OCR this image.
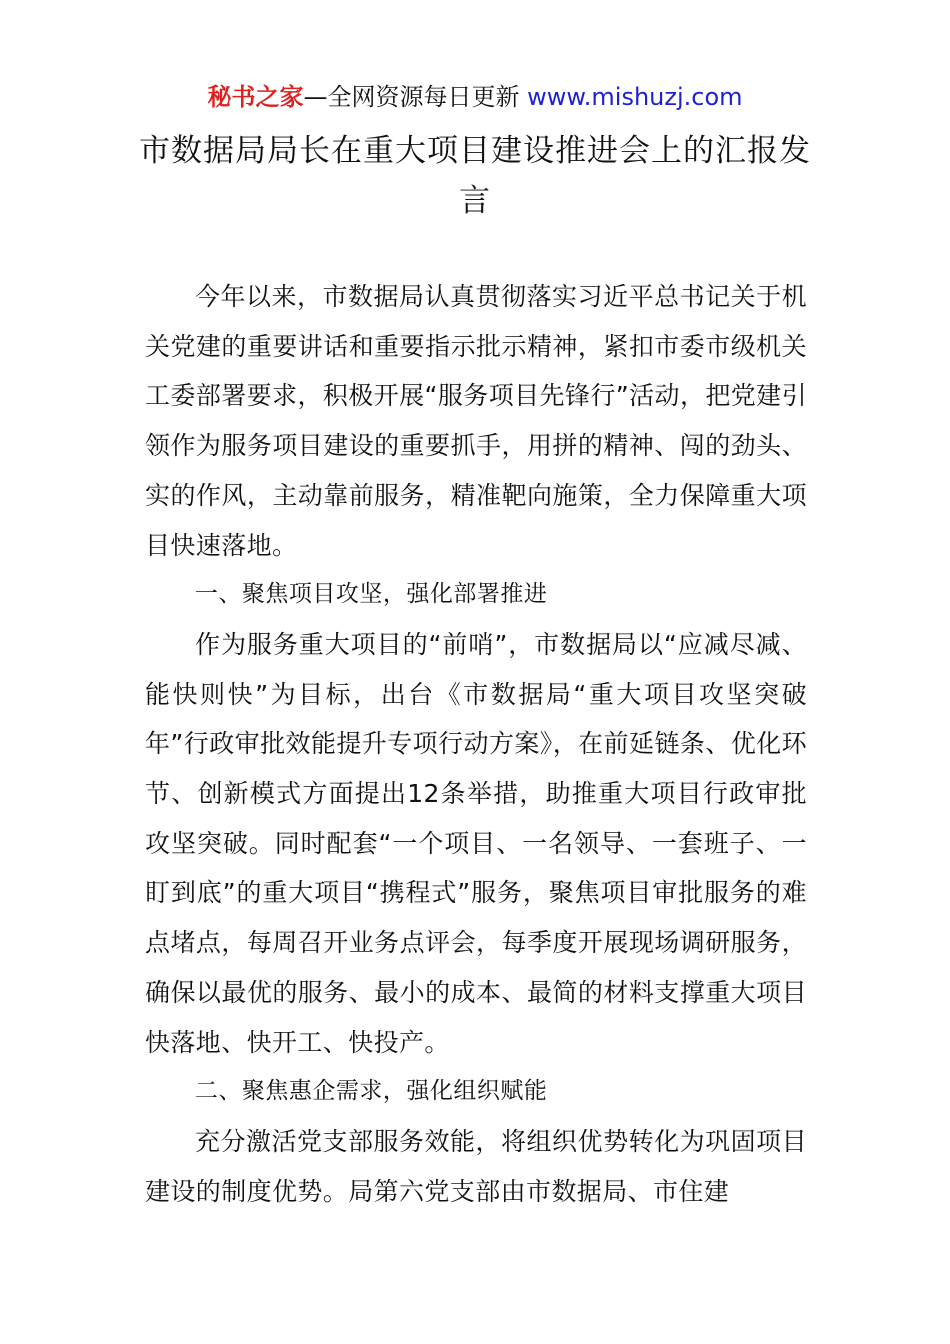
秘书之家—全网资源每日更新 www.mishuzj.com
市数据局局长在重大项目建设推进会上的汇报发言

今年以来，市数据局认真贯彻落实习近平总书记关于机关党建的重要讲话和重要指示批示精神，紧扣市委市级机关工委部署要求，积极开展“服务项目先锋行”活动，把党建引领作为服务项目建设的重要抓手，用拼的精神、闯的劲头、实的作风，主动靠前服务，精准靶向施策，全力保障重大项目快速落地。

一、聚焦项目攻坚，强化部署推进

作为服务重大项目的“前哨”，市数据局以“应减尽减、能快则快”为目标，出台《市数据局“重大项目攻坚突破年”行政审批效能提升专项行动方案》，在前延链条、优化环节、创新模式方面提出12条举措，助推重大项目行政审批攻坚突破。同时配套“一个项目、一名领导、一套班子、一盯到底”的重大项目“携程式”服务，聚焦项目审批服务的难点堵点，每周召开业务点评会，每季度开展现场调研服务，确保以最优的服务、最小的成本、最简的材料支撑重大项目快落地、快开工、快投产。

二、聚焦惠企需求，强化组织赋能

充分激活党支部服务效能，将组织优势转化为巩固项目建设的制度优势。局第六党支部由市数据局、市住建
